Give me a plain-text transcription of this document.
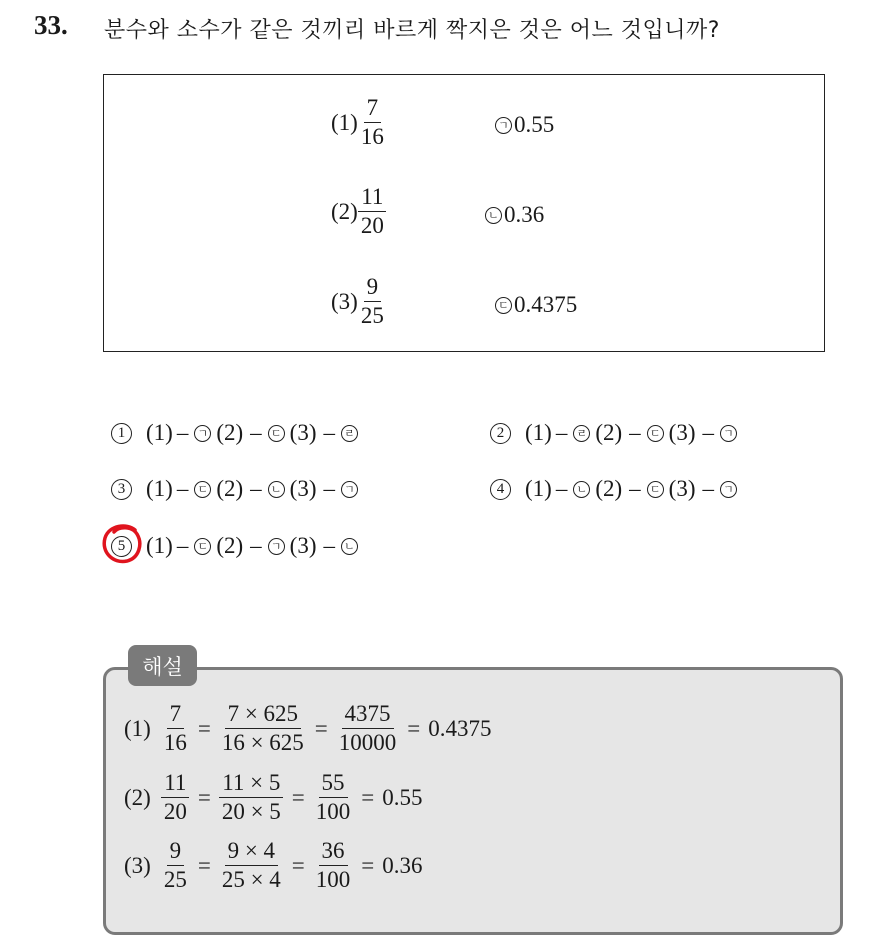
33. 분수와 소수가 같은 것끼리 바르게 짝지은 것은 어느 것입니까?
$(1) \frac{7}{16}$	ㄱ 0.55
$(2) \frac{11}{20}$	ㄴ 0.36
$(3) \frac{9}{25}$	ㄷ 0.4375
1 (1) – ㄱ (2) – ㄷ (3) – ㄹ	2 (1) – ㄹ (2) – ㄷ (3) – ㄱ
3 (1) – ㄷ (2) – ㄴ (3) – ㄱ	4 (1) – ㄴ (2) – ㄷ (3) – ㄱ
5 (1) – ㄷ (2) – ㄱ (3) – ㄴ
해설
$(1) \frac{7}{16} = \frac{7 \times 625}{16 \times 625} = \frac{4375}{10000} = 0.4375$
$(2) \frac{11}{20} = \frac{11 \times 5}{20 \times 5} = \frac{55}{100} = 0.55$
$(3) \frac{9}{25} = \frac{9 \times 4}{25 \times 4} = \frac{36}{100} = 0.36$
